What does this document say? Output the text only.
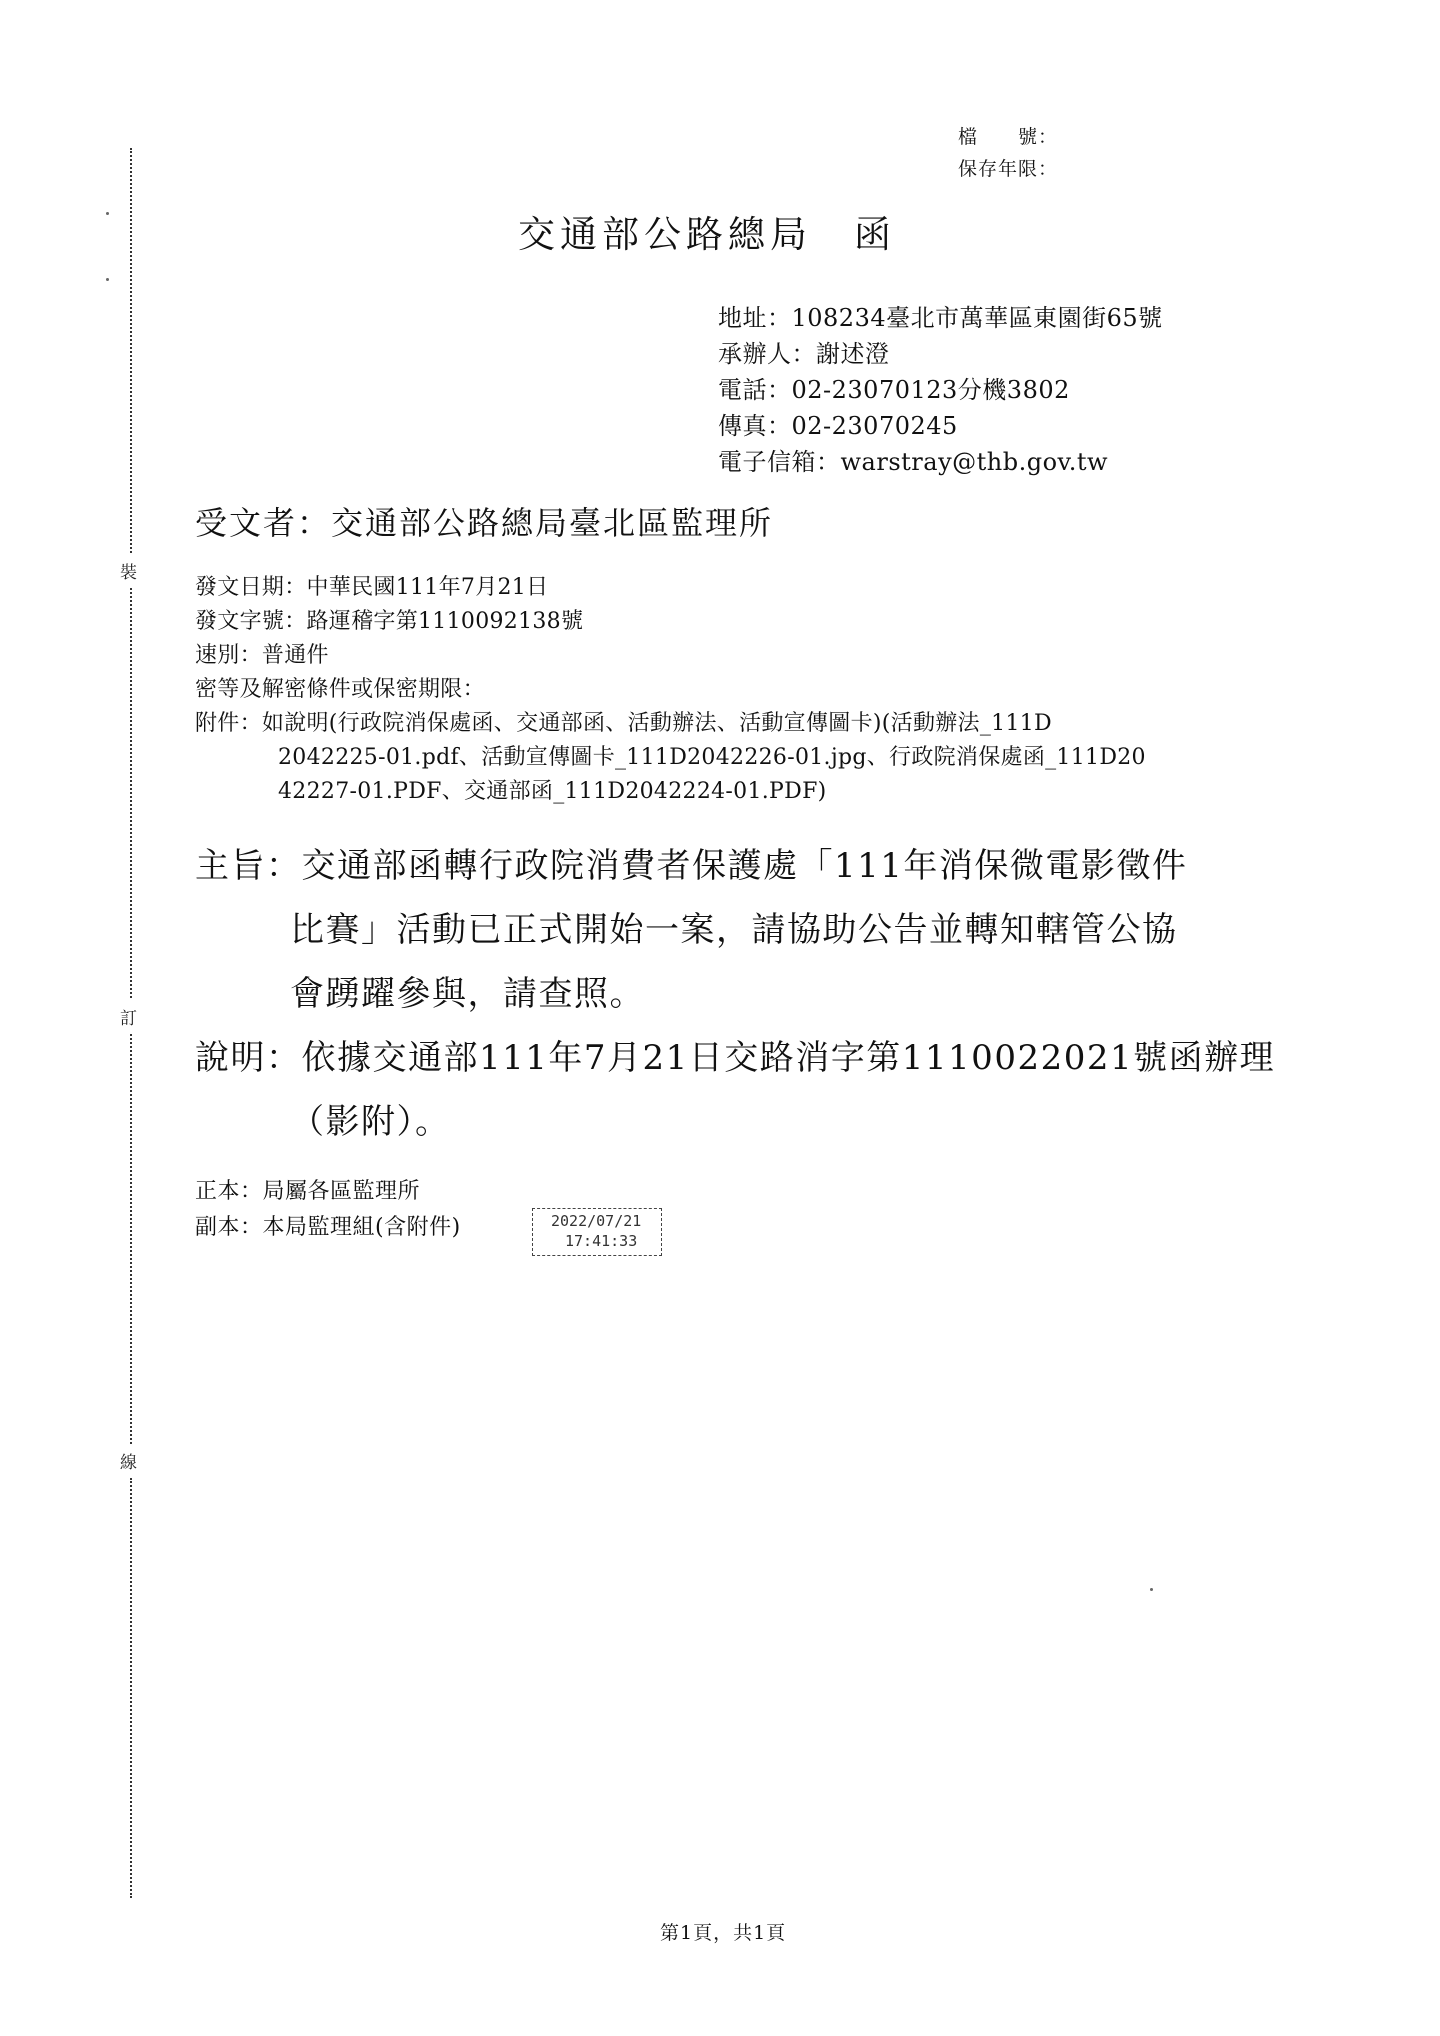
裝
訂
線
檔　　號：
保存年限：
交通部公路總局　函
地址：108234臺北市萬華區東園街65號
承辦人：謝述澄
電話：02-23070123分機3802
傳真：02-23070245
電子信箱：warstray@thb.gov.tw
受文者：交通部公路總局臺北區監理所
發文日期：中華民國111年7月21日
發文字號：路運稽字第1110092138號
速別：普通件
密等及解密條件或保密期限：
附件：如說明(行政院消保處函、交通部函、活動辦法、活動宣傳圖卡)(活動辦法_111D
2042225-01.pdf、活動宣傳圖卡_111D2042226-01.jpg、行政院消保處函_111D20
42227-01.PDF、交通部函_111D2042224-01.PDF)
主旨：交通部函轉行政院消費者保護處「111年消保微電影徵件
比賽」活動已正式開始一案，請協助公告並轉知轄管公協
會踴躍參與，請查照。
說明：依據交通部111年7月21日交路消字第1110022021號函辦理
（影附）。
正本：局屬各區監理所
副本：本局監理組(含附件)	2022/07/21
17:41:33
第1頁，共1頁
